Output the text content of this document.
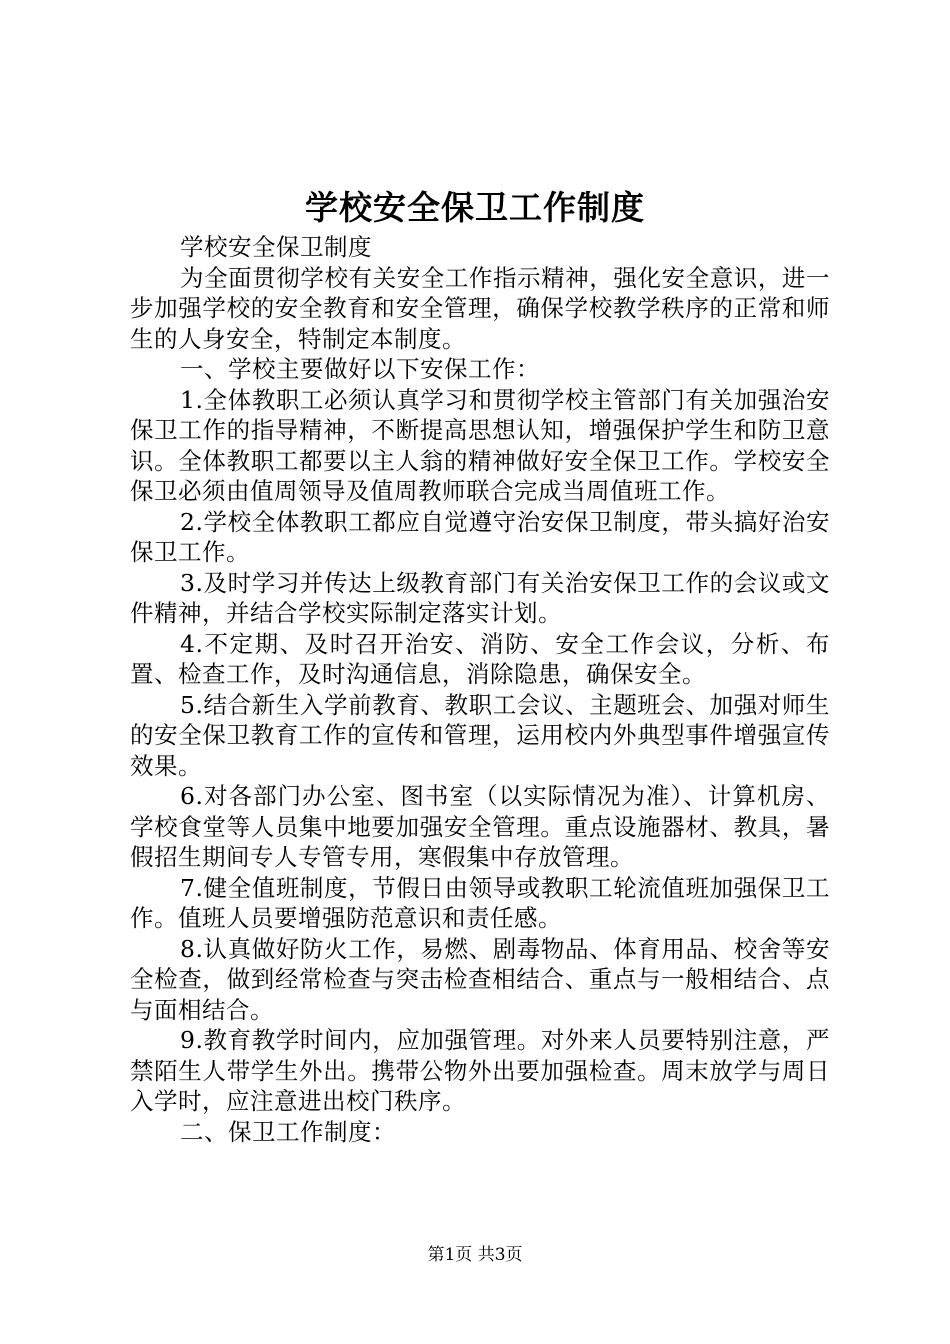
学校安全保卫工作制度

学校安全保卫制度

为全面贯彻学校有关安全工作指示精神，强化安全意识，进一步加强学校的安全教育和安全管理，确保学校教学秩序的正常和师生的人身安全，特制定本制度。

一、学校主要做好以下安保工作：

1.全体教职工必须认真学习和贯彻学校主管部门有关加强治安保卫工作的指导精神，不断提高思想认知，增强保护学生和防卫意识。全体教职工都要以主人翁的精神做好安全保卫工作。学校安全保卫必须由值周领导及值周教师联合完成当周值班工作。

2.学校全体教职工都应自觉遵守治安保卫制度，带头搞好治安保卫工作。

3.及时学习并传达上级教育部门有关治安保卫工作的会议或文件精神，并结合学校实际制定落实计划。

4.不定期、及时召开治安、消防、安全工作会议，分析、布置、检查工作，及时沟通信息，消除隐患，确保安全。

5.结合新生入学前教育、教职工会议、主题班会、加强对师生的安全保卫教育工作的宣传和管理，运用校内外典型事件增强宣传效果。

6.对各部门办公室、图书室（以实际情况为准）、计算机房、学校食堂等人员集中地要加强安全管理。重点设施器材、教具，暑假招生期间专人专管专用，寒假集中存放管理。

7.健全值班制度，节假日由领导或教职工轮流值班加强保卫工作。值班人员要增强防范意识和责任感。

8.认真做好防火工作，易燃、剧毒物品、体育用品、校舍等安全检查，做到经常检查与突击检查相结合、重点与一般相结合、点与面相结合。

9.教育教学时间内，应加强管理。对外来人员要特别注意，严禁陌生人带学生外出。携带公物外出要加强检查。周末放学与周日入学时，应注意进出校门秩序。

二、保卫工作制度：

第1页 共3页
